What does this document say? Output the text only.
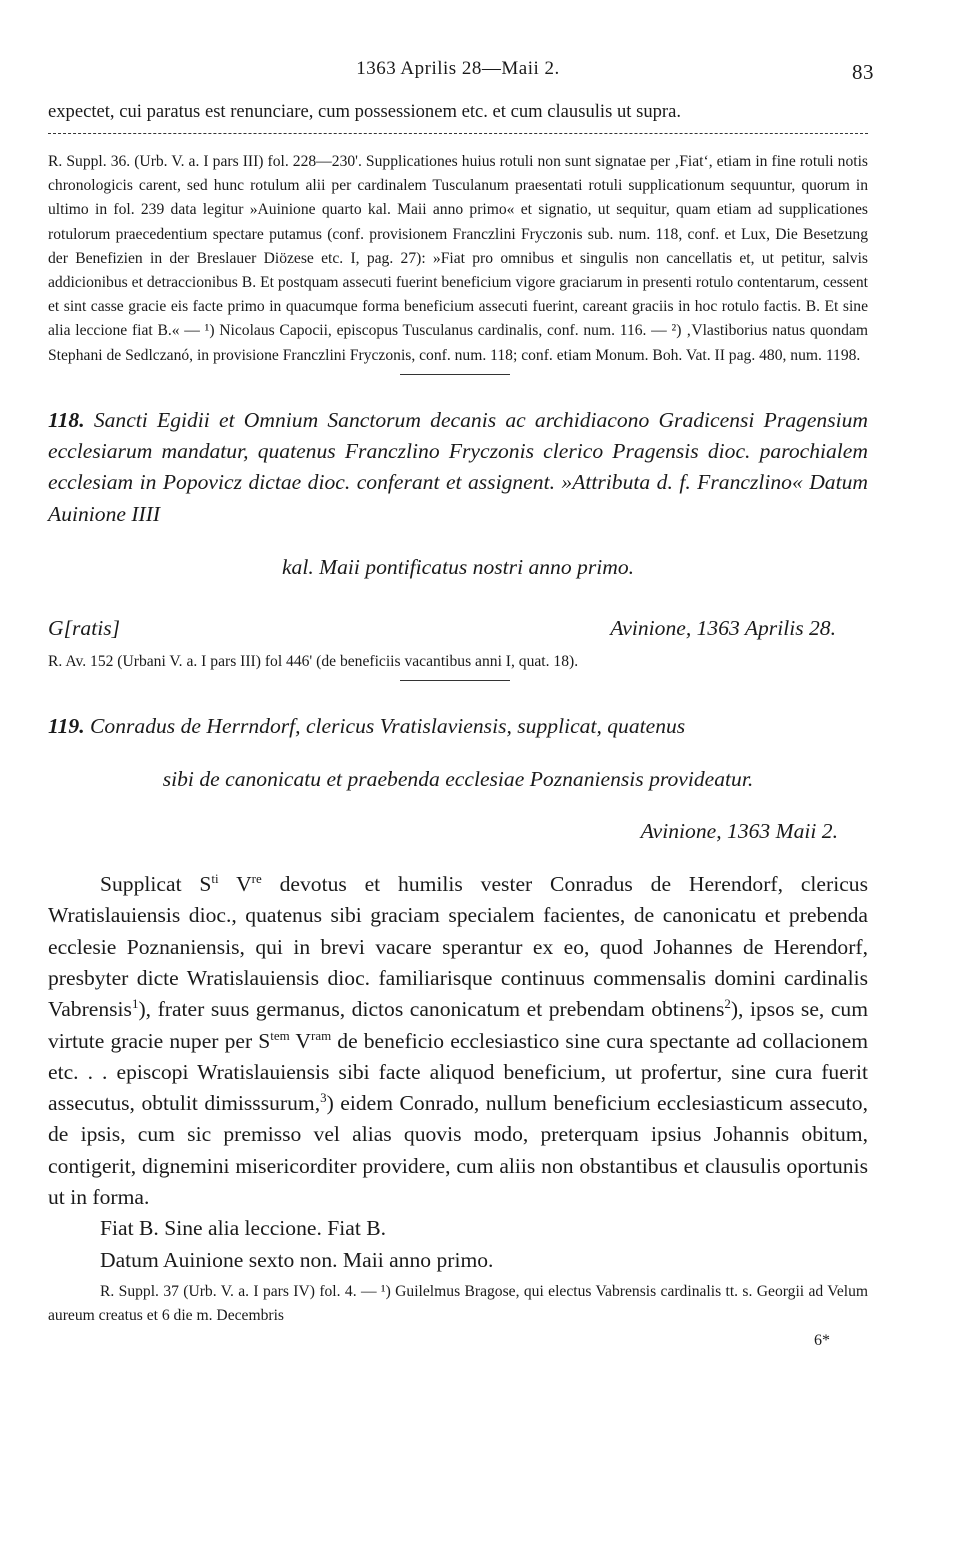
1363 Aprilis 28—Maii 2.	83

expectet, cui paratus est renunciare, cum possessionem etc. et cum clausulis ut supra.

R. Suppl. 36. (Urb. V. a. I pars III) fol. 228—230'. Supplicationes huius rotuli non sunt signatae per ‚Fiat‘, etiam in fine rotuli notis chronologicis carent, sed hunc rotulum alii per cardinalem Tusculanum praesentati rotuli supplicationum sequuntur, quorum in ultimo in fol. 239 data legitur »Auinione quarto kal. Maii anno primo« et signatio, ut sequitur, quam etiam ad supplicationes rotulorum praecedentium spectare putamus (conf. provisionem Franczlini Fryczonis sub. num. 118, conf. et Lux, Die Besetzung der Benefizien in der Breslauer Diözese etc. I, pag. 27): »Fiat pro omnibus et singulis non cancellatis et, ut petitur, salvis addicionibus et detraccionibus B. Et postquam assecuti fuerint beneficium vigore graciarum in presenti rotulo contentarum, cessent et sint casse gracie eis facte primo in quacumque forma beneficium assecuti fuerint, careant graciis in hoc rotulo factis. B. Et sine alia leccione fiat B.« — ¹) Nicolaus Capocii, episcopus Tusculanus cardinalis, conf. num. 116. — ²) ‚Vlastiborius natus quondam Stephani de Sedlczanó, in provisione Franczlini Fryczonis, conf. num. 118; conf. etiam Monum. Boh. Vat. II pag. 480, num. 1198.

118. Sancti Egidii et Omnium Sanctorum decanis ac archidiacono Gradicensi Pragensium ecclesiarum mandatur, quatenus Franczlino Fryczonis clerico Pragensis dioc. parochialem ecclesiam in Popovicz dictae dioc. conferant et assignent. »Attributa d. f. Franczlino« Datum Auinione IIII

kal. Maii pontificatus nostri anno primo.

G[ratis]	Avinione, 1363 Aprilis 28.

R. Av. 152 (Urbani V. a. I pars III) fol 446' (de beneficiis vacantibus anni I, quat. 18).

119. Conradus de Herrndorf, clericus Vratislaviensis, supplicat, quatenus

sibi de canonicatu et praebenda ecclesiae Poznaniensis provideatur.

Avinione, 1363 Maii 2.

Supplicat $S^{ti}$ Vre devotus et humilis vester Conradus de Herendorf, clericus Wratislauiensis dioc., quatenus sibi graciam specialem facientes, de canonicatu et prebenda ecclesie Poznaniensis, qui in brevi vacare sperantur ex eo, quod Johannes de Herendorf, presbyter dicte Wratislauiensis dioc. familiarisque continuus commensalis domini cardinalis Vabrensis$^1$), frater suus germanus, dictos canonicatum et prebendam obtinens$^2$), ipsos se, cum virtute gracie nuper per $S^{tem}$ $V^{ram}$ de beneficio ecclesiastico sine cura spectante ad collacionem etc. . . episcopi Wratislauiensis sibi facte aliquod beneficium, ut profertur, sine cura fuerit assecutus, obtulit dimisssurum,$^3$) eidem Conrado, nullum beneficium ecclesiasticum assecuto, de ipsis, cum sic premisso vel alias quovis modo, preterquam ipsius Johannis obitum, contigerit, dignemini misericorditer providere, cum aliis non obstantibus et clausulis oportunis ut in forma.

Fiat B. Sine alia leccione. Fiat B.

Datum Auinione sexto non. Maii anno primo.

R. Suppl. 37 (Urb. V. a. I pars IV) fol. 4. — ¹) Guilelmus Bragose, qui electus Vabrensis cardinalis tt. s. Georgii ad Velum aureum creatus et 6 die m. Decembris

6*
